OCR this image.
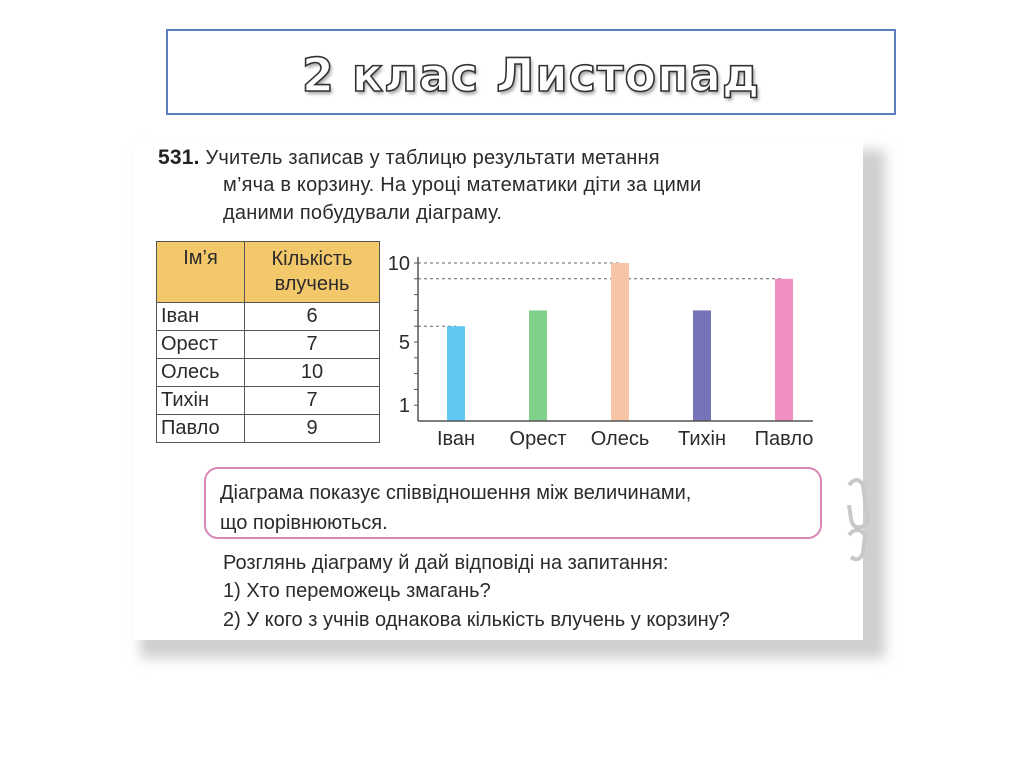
2 клас Листопад
531. Учитель записав у таблицю результати метання
м’яча в корзину. На уроці математики діти за цими
даними побудували діаграму.
Ім’я	Кількість
влучень
Іван	6
Орест	7
Олесь	10
Тихін	7
Павло	9
1
5
10
Іван Орест Олесь Тихін Павло
Діаграма показує співвідношення між величинами,
що порівнюються.
Розглянь діаграму й дай відповіді на запитання:
1) Хто переможець змагань?
2) У кого з учнів однакова кількість влучень у корзину?
